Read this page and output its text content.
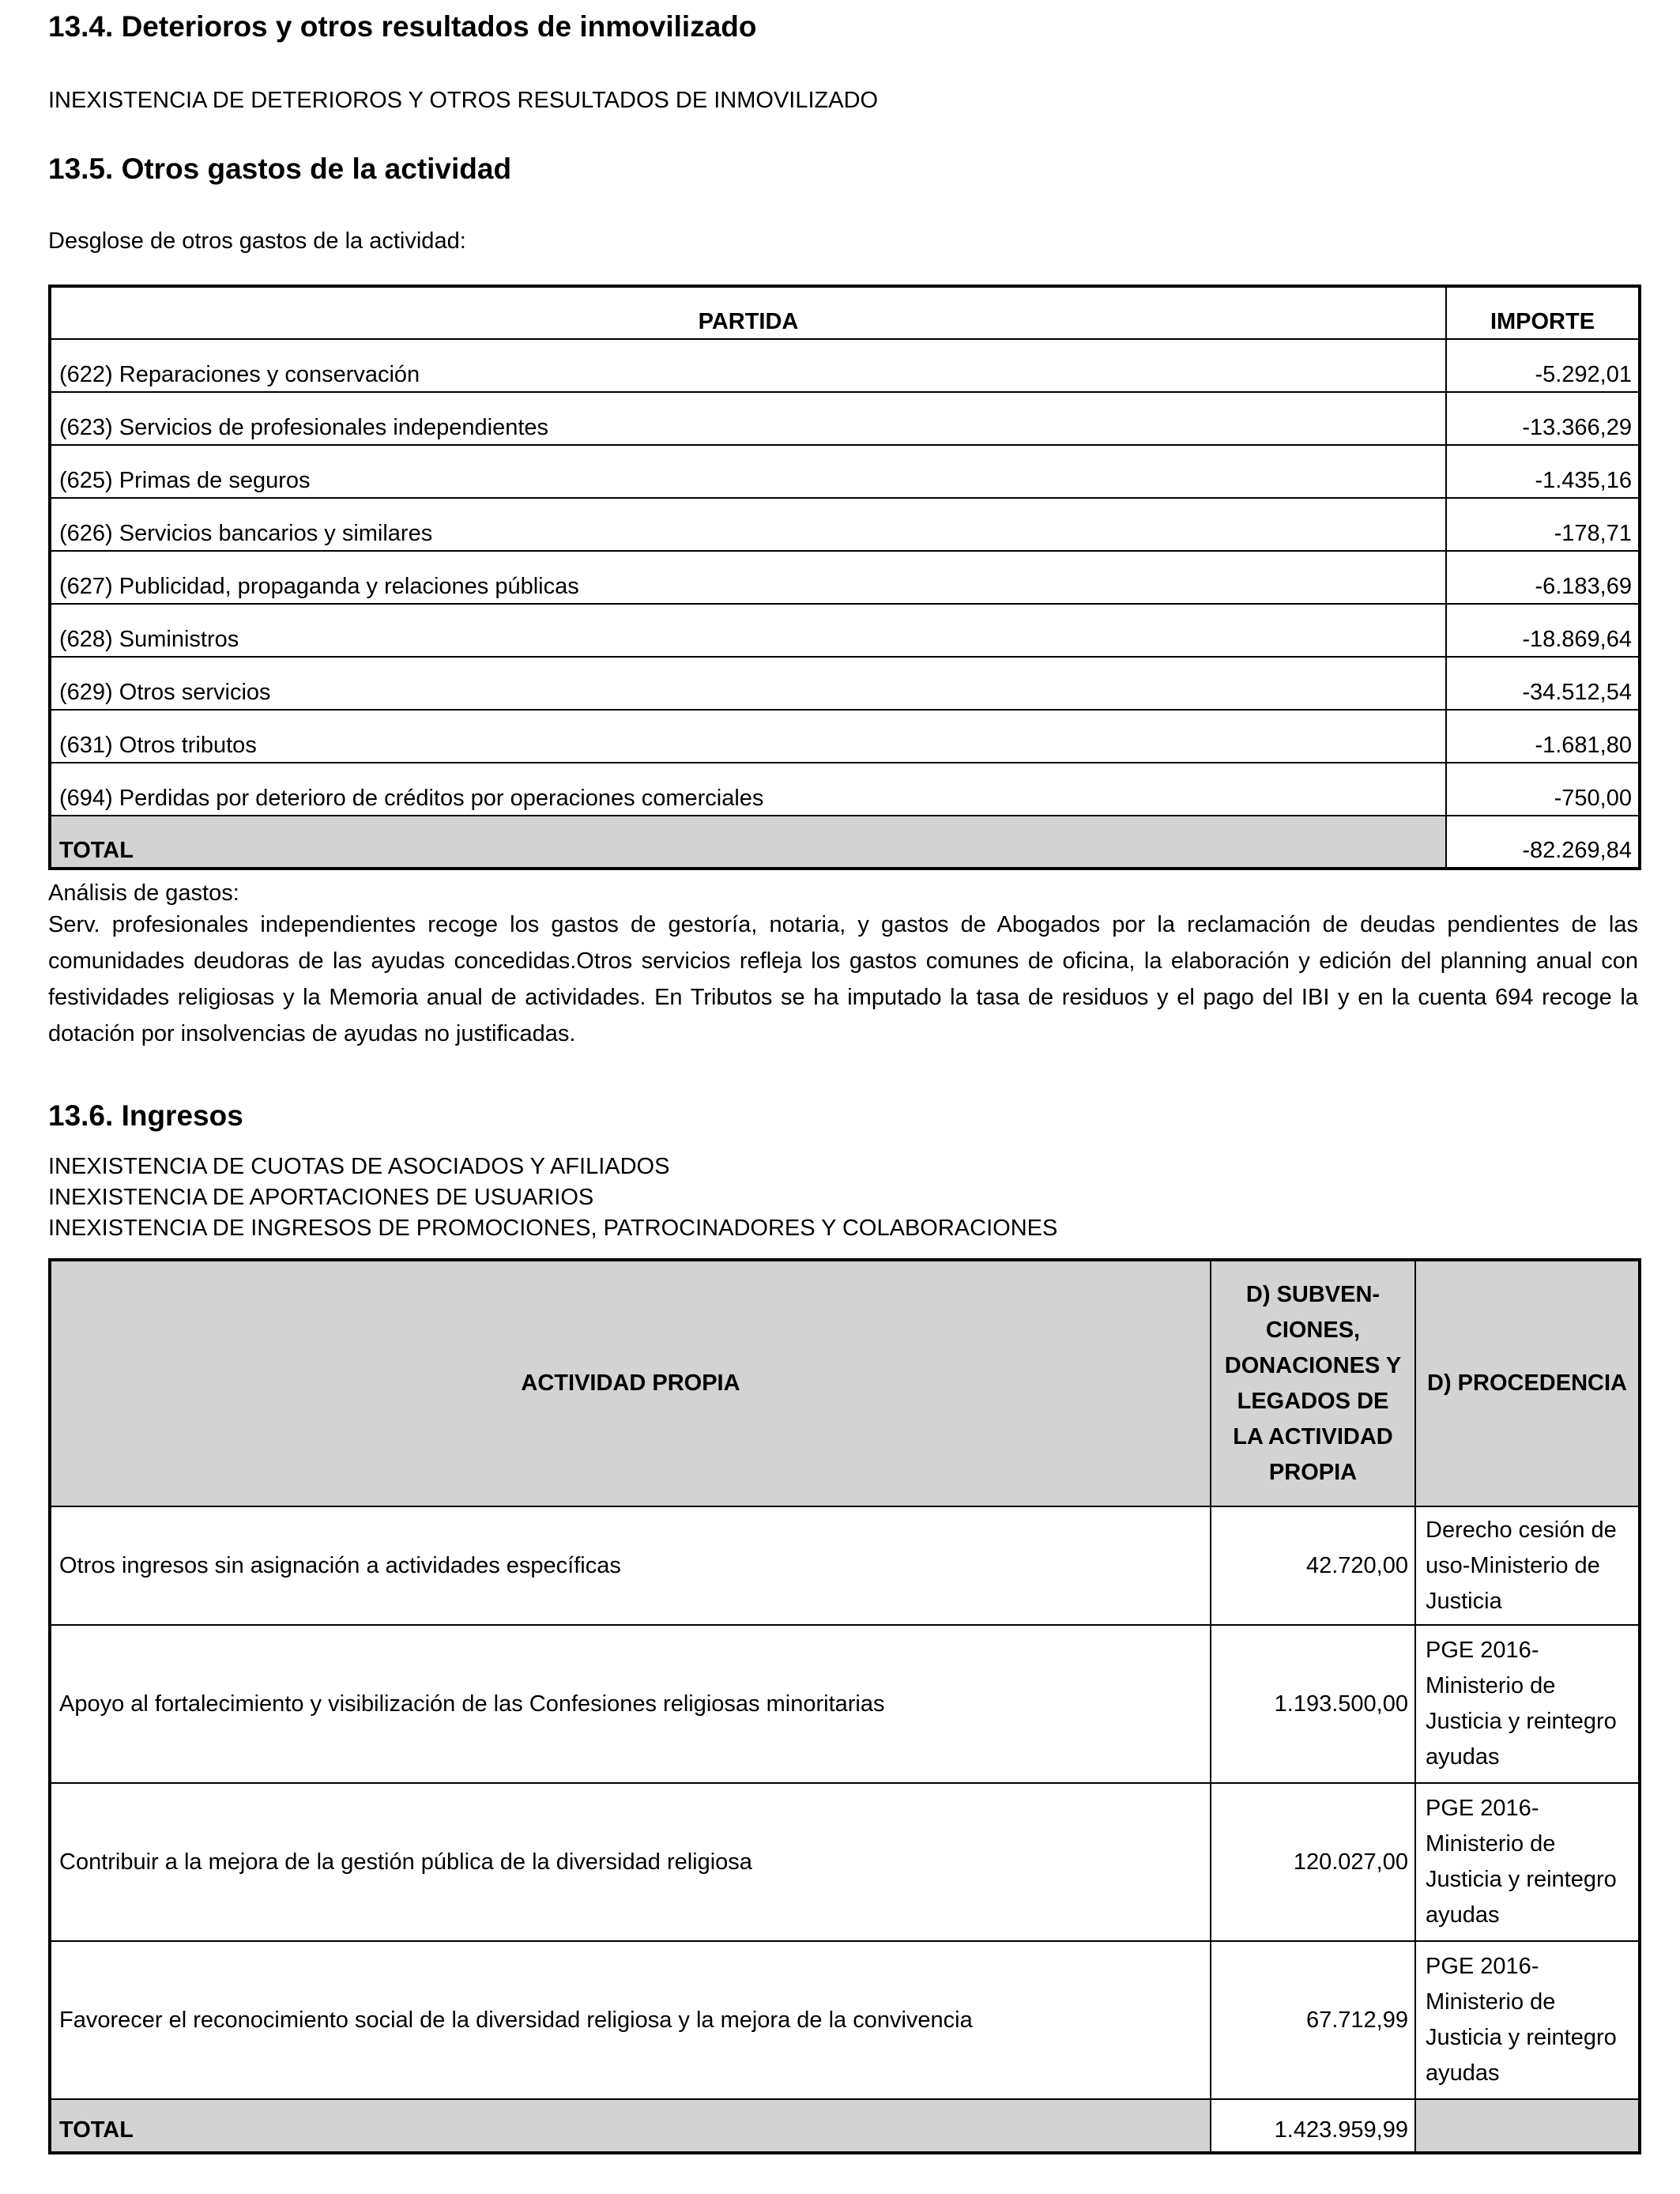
13.4. Deterioros y otros resultados de inmovilizado

INEXISTENCIA DE DETERIOROS Y OTROS RESULTADOS DE INMOVILIZADO

13.5. Otros gastos de la actividad

Desglose de otros gastos de la actividad:

PARTIDA	IMPORTE
(622) Reparaciones y conservación	-5.292,01
(623) Servicios de profesionales independientes	-13.366,29
(625) Primas de seguros	-1.435,16
(626) Servicios bancarios y similares	-178,71
(627) Publicidad, propaganda y relaciones públicas	-6.183,69
(628) Suministros	-18.869,64
(629) Otros servicios	-34.512,54
(631) Otros tributos	-1.681,80
(694) Perdidas por deterioro de créditos por operaciones comerciales	-750,00
TOTAL	-82.269,84

Análisis de gastos:

Serv. profesionales independientes recoge los gastos de gestoría, notaria, y gastos de Abogados por la reclamación de deudas pendientes de las comunidades deudoras de las ayudas concedidas.Otros servicios refleja los gastos comunes de oficina, la elaboración y edición del planning anual con festividades religiosas y la Memoria anual de actividades. En Tributos se ha imputado la tasa de residuos y el pago del IBI y en la cuenta 694 recoge la dotación por insolvencias de ayudas no justificadas.

13.6. Ingresos

INEXISTENCIA DE CUOTAS DE ASOCIADOS Y AFILIADOS

INEXISTENCIA DE APORTACIONES DE USUARIOS

INEXISTENCIA DE INGRESOS DE PROMOCIONES, PATROCINADORES Y COLABORACIONES

ACTIVIDAD PROPIA	D) SUBVEN-CIONES, DONACIONES Y LEGADOS DE LA ACTIVIDAD PROPIA	D) PROCEDENCIA
Otros ingresos sin asignación a actividades específicas	42.720,00	Derecho cesión de uso-Ministerio de Justicia
Apoyo al fortalecimiento y visibilización de las Confesiones religiosas minoritarias	1.193.500,00	PGE 2016-Ministerio de Justicia y reintegro ayudas
Contribuir a la mejora de la gestión pública de la diversidad religiosa	120.027,00	PGE 2016-Ministerio de Justicia y reintegro ayudas
Favorecer el reconocimiento social de la diversidad religiosa y la mejora de la convivencia	67.712,99	PGE 2016-Ministerio de Justicia y reintegro ayudas
TOTAL	1.423.959,99	
